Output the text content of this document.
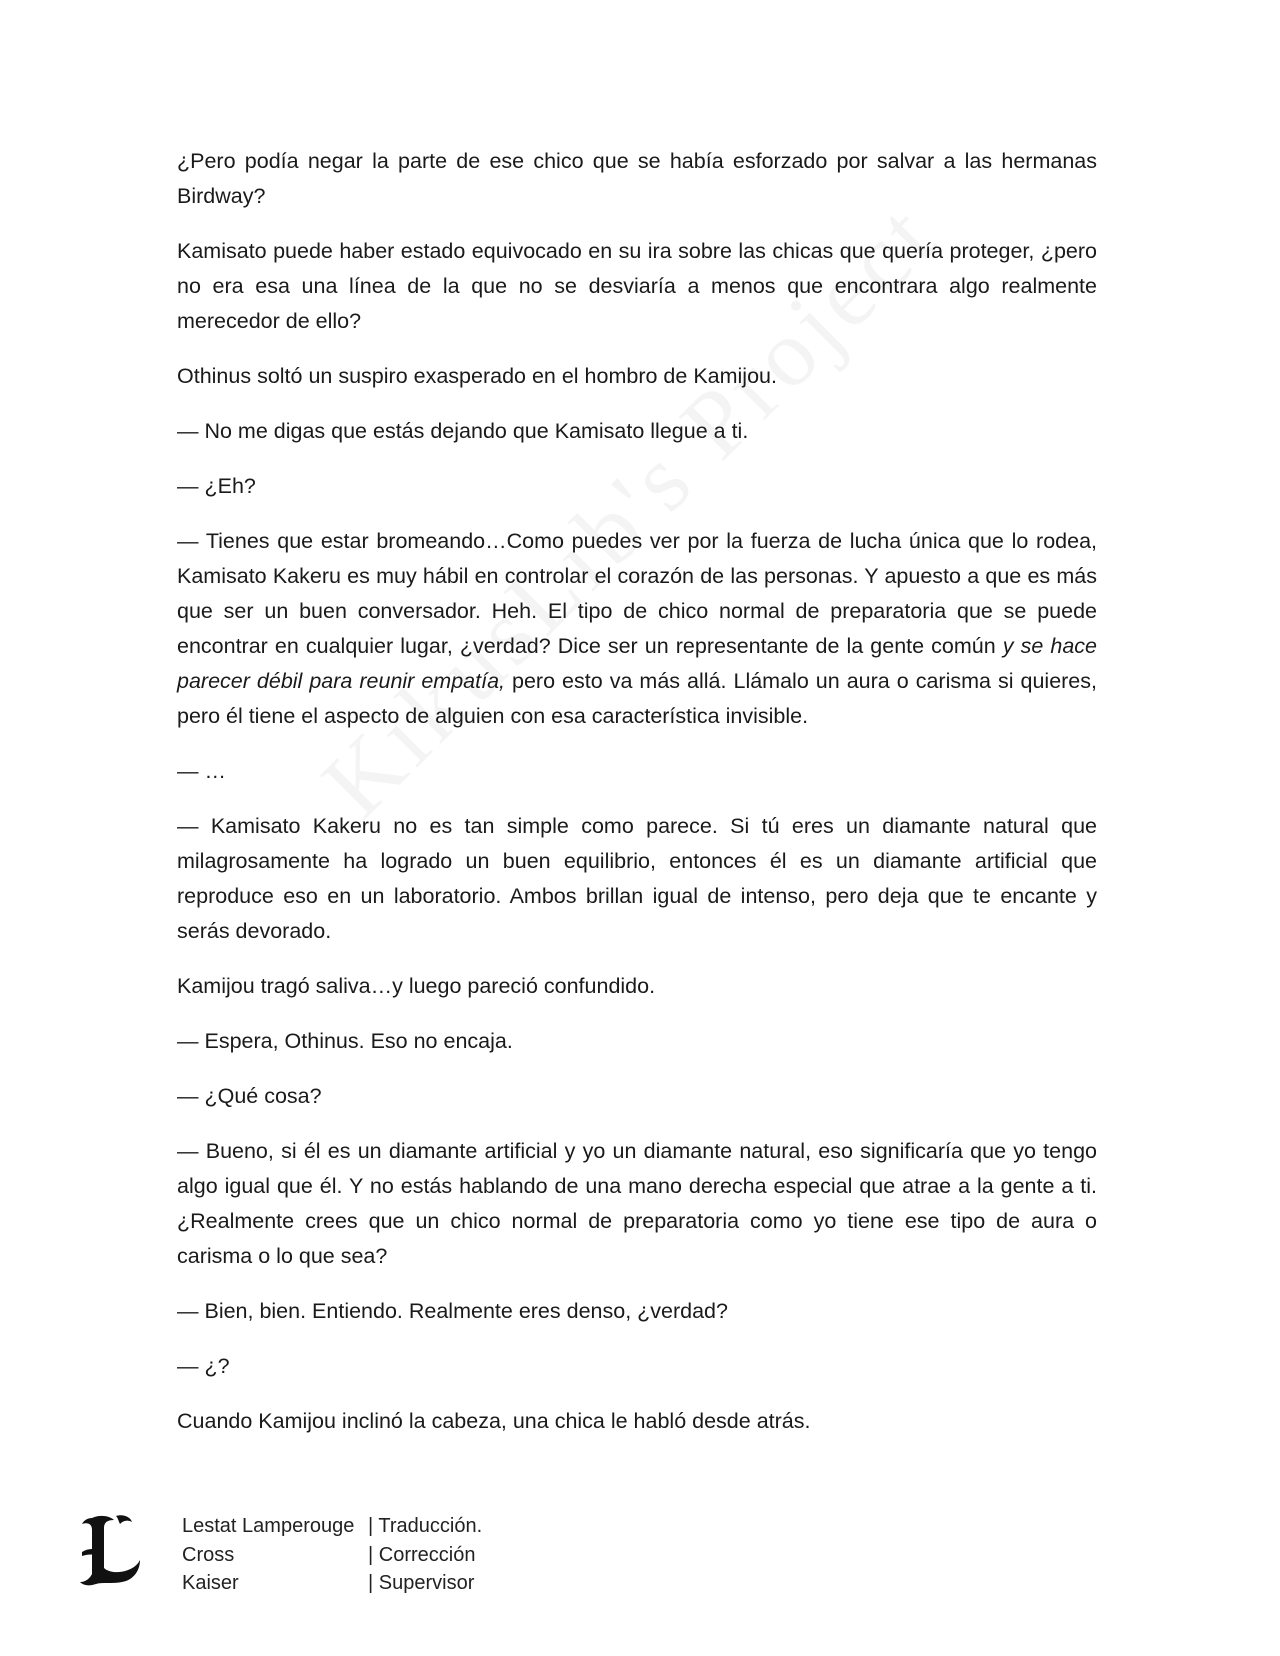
¿Pero podía negar la parte de ese chico que se había esforzado por salvar a las hermanas Birdway?

Kamisato puede haber estado equivocado en su ira sobre las chicas que quería proteger, ¿pero no era esa una línea de la que no se desviaría a menos que encontrara algo realmente merecedor de ello?

Othinus soltó un suspiro exasperado en el hombro de Kamijou.

— No me digas que estás dejando que Kamisato llegue a ti.

— ¿Eh?

— Tienes que estar bromeando…Como puedes ver por la fuerza de lucha única que lo rodea, Kamisato Kakeru es muy hábil en controlar el corazón de las personas. Y apuesto a que es más que ser un buen conversador. Heh. El tipo de chico normal de preparatoria que se puede encontrar en cualquier lugar, ¿verdad? Dice ser un representante de la gente común y se hace parecer débil para reunir empatía, pero esto va más allá. Llámalo un aura o carisma si quieres, pero él tiene el aspecto de alguien con esa característica invisible.

— …

— Kamisato Kakeru no es tan simple como parece. Si tú eres un diamante natural que milagrosamente ha logrado un buen equilibrio, entonces él es un diamante artificial que reproduce eso en un laboratorio. Ambos brillan igual de intenso, pero deja que te encante y serás devorado.

Kamijou tragó saliva…y luego pareció confundido.

— Espera, Othinus. Eso no encaja.

— ¿Qué cosa?

— Bueno, si él es un diamante artificial y yo un diamante natural, eso significaría que yo tengo algo igual que él. Y no estás hablando de una mano derecha especial que atrae a la gente a ti. ¿Realmente crees que un chico normal de preparatoria como yo tiene ese tipo de aura o carisma o lo que sea?

— Bien, bien. Entiendo. Realmente eres denso, ¿verdad?

— ¿?

Cuando Kamijou inclinó la cabeza, una chica le habló desde atrás.

Lestat Lamperouge	| Traducción.
Cross	| Corrección
Kaiser	| Supervisor
